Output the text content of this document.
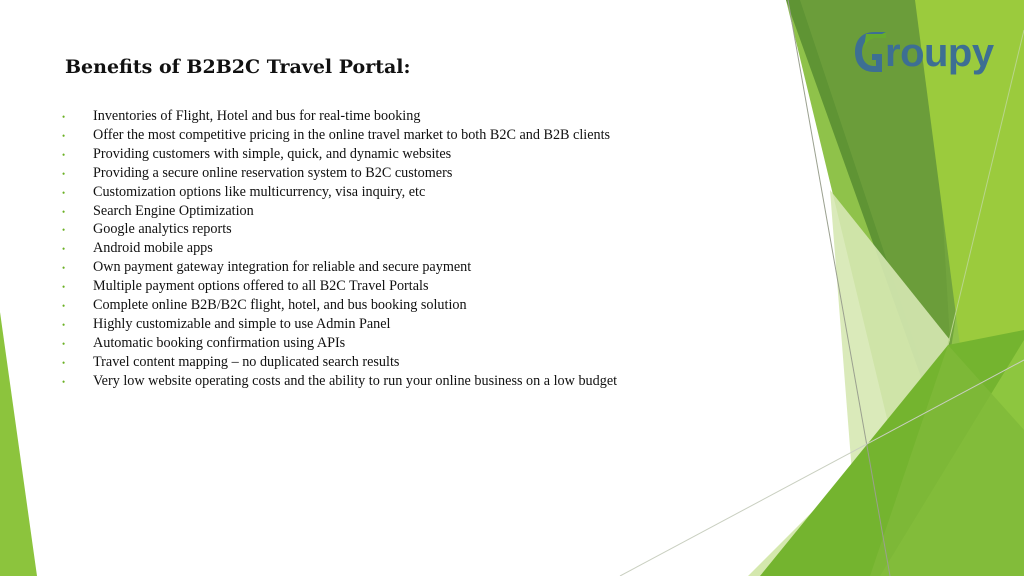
roupy
Benefits of B2B2C Travel Portal:
•	Inventories of Flight, Hotel and bus for real-time booking
•	Offer the most competitive pricing in the online travel market to both B2C and B2B clients
•	Providing customers with simple, quick, and dynamic websites
•	Providing a secure online reservation system to B2C customers
•	Customization options like multicurrency, visa inquiry, etc
•	Search Engine Optimization
•	Google analytics reports
•	Android mobile apps
•	Own payment gateway integration for reliable and secure payment
•	Multiple payment options offered to all B2C Travel Portals
•	Complete online B2B/B2C flight, hotel, and bus booking solution
•	Highly customizable and simple to use Admin Panel
•	Automatic booking confirmation using APIs
•	Travel content mapping – no duplicated search results
•	Very low website operating costs and the ability to run your online business on a low budget
